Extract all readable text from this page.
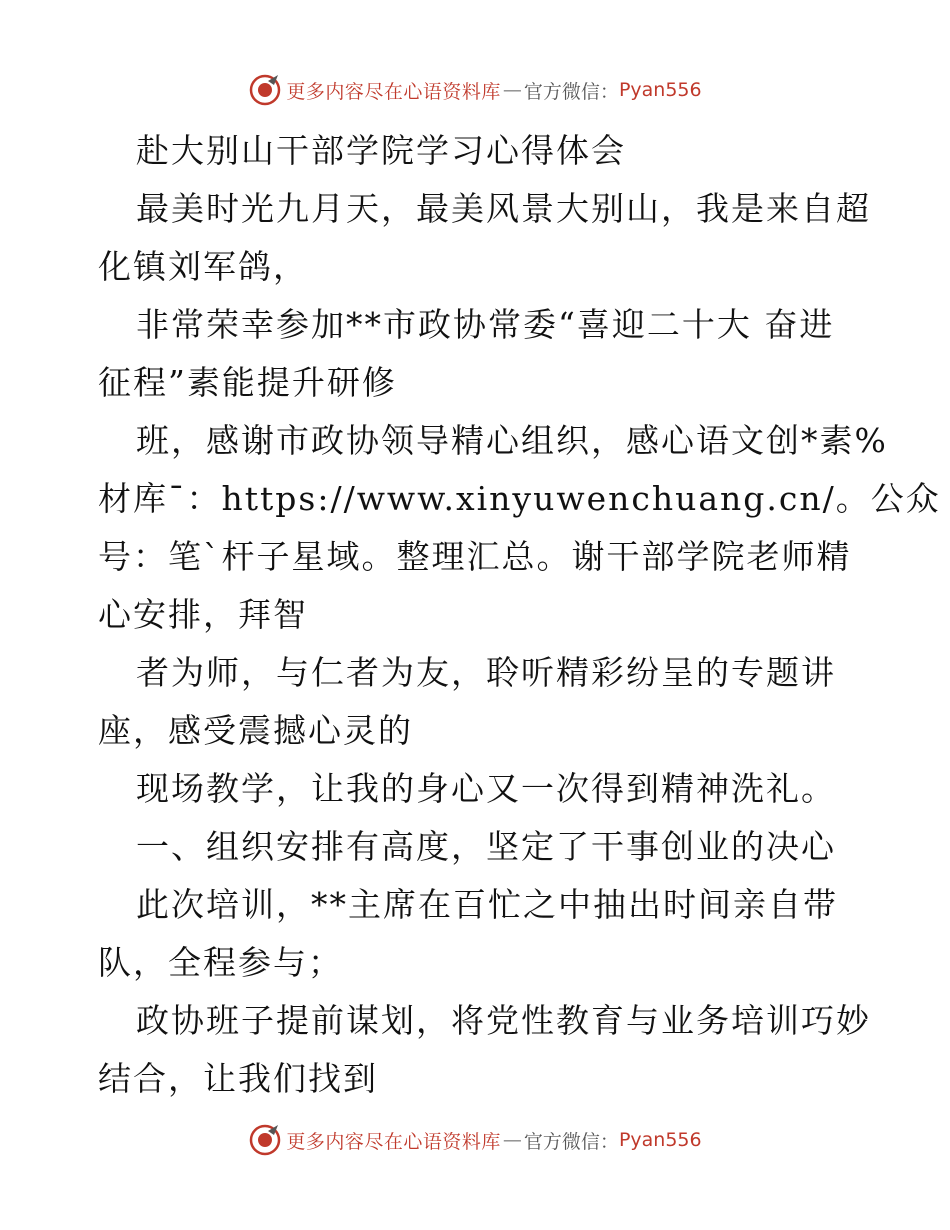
更多内容尽在心语资料库 — 官方微信： Pyan556
赴大别山干部学院学习心得体会
最美时光九月天，最美风景大别山，我是来自超
化镇刘军鸽，
非常荣幸参加**市政协常委“喜迎二十大 奋进
征程”素能提升研修
班，感谢市政协领导精心组织，感心语文创*素%
材库¯：https://www.xinyuwenchuang.cn/。公众
号：笔`杆子星域。整理汇总。谢干部学院老师精
心安排，拜智
者为师，与仁者为友，聆听精彩纷呈的专题讲
座，感受震撼心灵的
现场教学，让我的身心又一次得到精神洗礼。
一、组织安排有高度，坚定了干事创业的决心
此次培训，**主席在百忙之中抽出时间亲自带
队，全程参与；
政协班子提前谋划，将党性教育与业务培训巧妙
结合，让我们找到
更多内容尽在心语资料库 — 官方微信： Pyan556
